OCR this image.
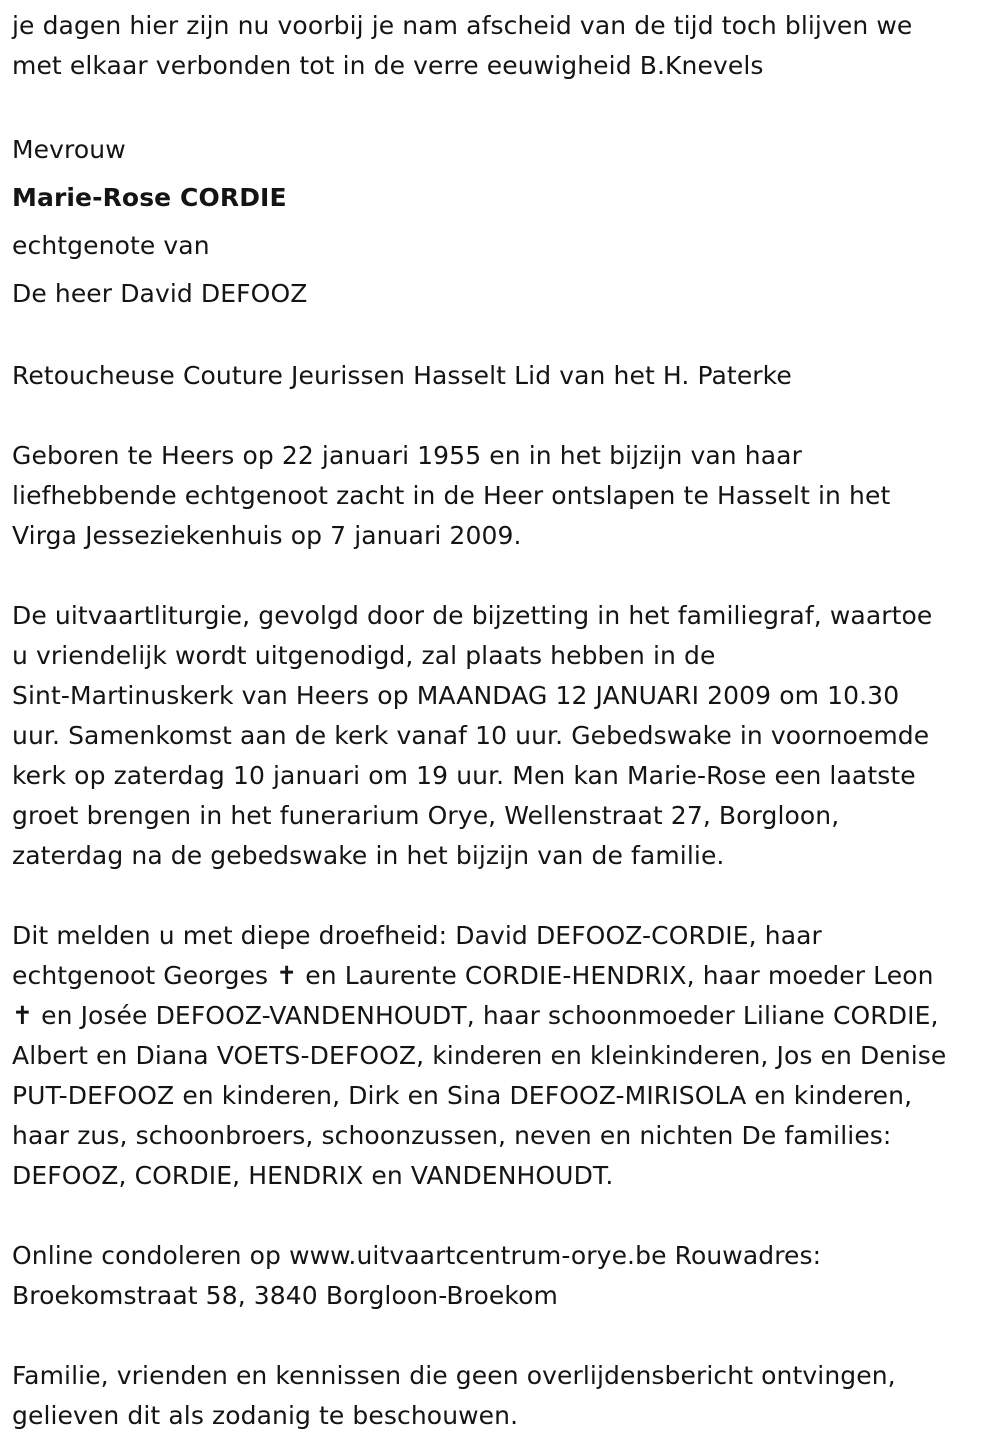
je dagen hier zijn nu voorbij je nam afscheid van de tijd toch blijven we
met elkaar verbonden tot in de verre eeuwigheid B.Knevels
Mevrouw
Marie-Rose CORDIE
echtgenote van
De heer David DEFOOZ
Retoucheuse Couture Jeurissen Hasselt Lid van het H. Paterke
Geboren te Heers op 22 januari 1955 en in het bijzijn van haar
liefhebbende echtgenoot zacht in de Heer ontslapen te Hasselt in het
Virga Jesseziekenhuis op 7 januari 2009.
De uitvaartliturgie, gevolgd door de bijzetting in het familiegraf, waartoe
u vriendelijk wordt uitgenodigd, zal plaats hebben in de
Sint-Martinuskerk van Heers op MAANDAG 12 JANUARI 2009 om 10.30
uur. Samenkomst aan de kerk vanaf 10 uur. Gebedswake in voornoemde
kerk op zaterdag 10 januari om 19 uur. Men kan Marie-Rose een laatste
groet brengen in het funerarium Orye, Wellenstraat 27, Borgloon,
zaterdag na de gebedswake in het bijzijn van de familie.
Dit melden u met diepe droefheid: David DEFOOZ-CORDIE, haar
echtgenoot Georges ✝ en Laurente CORDIE-HENDRIX, haar moeder Leon
✝ en Josée DEFOOZ-VANDENHOUDT, haar schoonmoeder Liliane CORDIE,
Albert en Diana VOETS-DEFOOZ, kinderen en kleinkinderen, Jos en Denise
PUT-DEFOOZ en kinderen, Dirk en Sina DEFOOZ-MIRISOLA en kinderen,
haar zus, schoonbroers, schoonzussen, neven en nichten De families:
DEFOOZ, CORDIE, HENDRIX en VANDENHOUDT.
Online condoleren op www.uitvaartcentrum-orye.be Rouwadres:
Broekomstraat 58, 3840 Borgloon-Broekom
Familie, vrienden en kennissen die geen overlijdensbericht ontvingen,
gelieven dit als zodanig te beschouwen.
